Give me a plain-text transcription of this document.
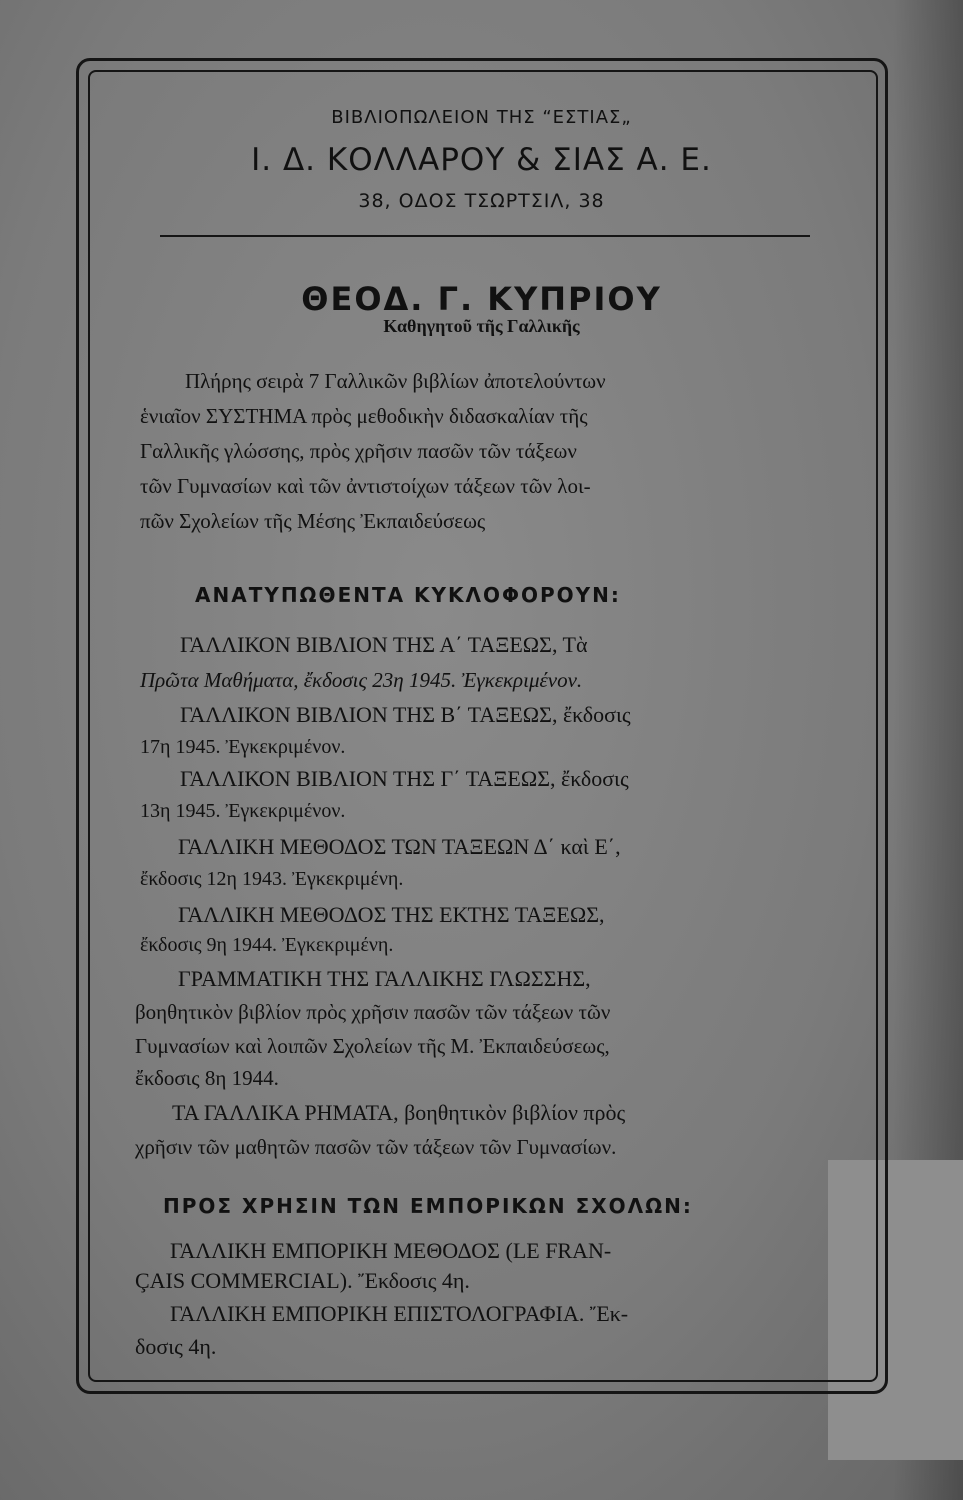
ΒΙΒΛΙΟΠΩΛΕΙΟΝ ΤΗΣ “ΕΣΤΙΑΣ„
Ι. Δ. ΚΟΛΛΑΡΟΥ & ΣΙΑΣ Α. Ε.
38, ΟΔΟΣ ΤΣΩΡΤΣΙΛ, 38
ΘΕΟΔ. Γ. ΚΥΠΡΙΟΥ
Καθηγητοῦ τῆς Γαλλικῆς
Πλήρης σειρὰ 7 Γαλλικῶν βιβλίων ἀποτελούντων
ἑνιαῖον ΣΥΣΤΗΜΑ πρὸς μεθοδικὴν διδασκαλίαν τῆς
Γαλλικῆς γλώσσης, πρὸς χρῆσιν πασῶν τῶν τάξεων
τῶν Γυμνασίων καὶ τῶν ἀντιστοίχων τάξεων τῶν λοι-
πῶν Σχολείων τῆς Μέσης Ἐκπαιδεύσεως
ΑΝΑΤΥΠΩΘΕΝΤΑ ΚΥΚΛΟΦΟΡΟΥΝ:
ΓΑΛΛΙΚΟΝ ΒΙΒΛΙΟΝ ΤΗΣ Α΄ ΤΑΞΕΩΣ, Τὰ
Πρῶτα Μαθήματα, ἔκδοσις 23η 1945. Ἐγκεκριμένον.
ΓΑΛΛΙΚΟΝ ΒΙΒΛΙΟΝ ΤΗΣ Β΄ ΤΑΞΕΩΣ, ἔκδοσις
17η 1945. Ἐγκεκριμένον.
ΓΑΛΛΙΚΟΝ ΒΙΒΛΙΟΝ ΤΗΣ Γ΄ ΤΑΞΕΩΣ, ἔκδοσις
13η 1945. Ἐγκεκριμένον.
ΓΑΛΛΙΚΗ ΜΕΘΟΔΟΣ ΤΩΝ ΤΑΞΕΩΝ Δ΄ καὶ Ε΄,
ἔκδοσις 12η 1943. Ἐγκεκριμένη.
ΓΑΛΛΙΚΗ ΜΕΘΟΔΟΣ ΤΗΣ ΕΚΤΗΣ ΤΑΞΕΩΣ,
ἔκδοσις 9η 1944. Ἐγκεκριμένη.
ΓΡΑΜΜΑΤΙΚΗ ΤΗΣ ΓΑΛΛΙΚΗΣ ΓΛΩΣΣΗΣ,
βοηθητικὸν βιβλίον πρὸς χρῆσιν πασῶν τῶν τάξεων τῶν
Γυμνασίων καὶ λοιπῶν Σχολείων τῆς Μ. Ἐκπαιδεύσεως,
ἔκδοσις 8η 1944.
ΤΑ ΓΑΛΛΙΚΑ ΡΗΜΑΤΑ, βοηθητικὸν βιβλίον πρὸς
χρῆσιν τῶν μαθητῶν πασῶν τῶν τάξεων τῶν Γυμνασίων.
ΠΡΟΣ ΧΡΗΣΙΝ ΤΩΝ ΕΜΠΟΡΙΚΩΝ ΣΧΟΛΩΝ:
ΓΑΛΛΙΚΗ ΕΜΠΟΡΙΚΗ ΜΕΘΟΔΟΣ (LE FRAN-
ÇAIS COMMERCIAL). Ἔκδοσις 4η.
ΓΑΛΛΙΚΗ ΕΜΠΟΡΙΚΗ ΕΠΙΣΤΟΛΟΓΡΑΦΙΑ. Ἔκ-
δοσις 4η.
